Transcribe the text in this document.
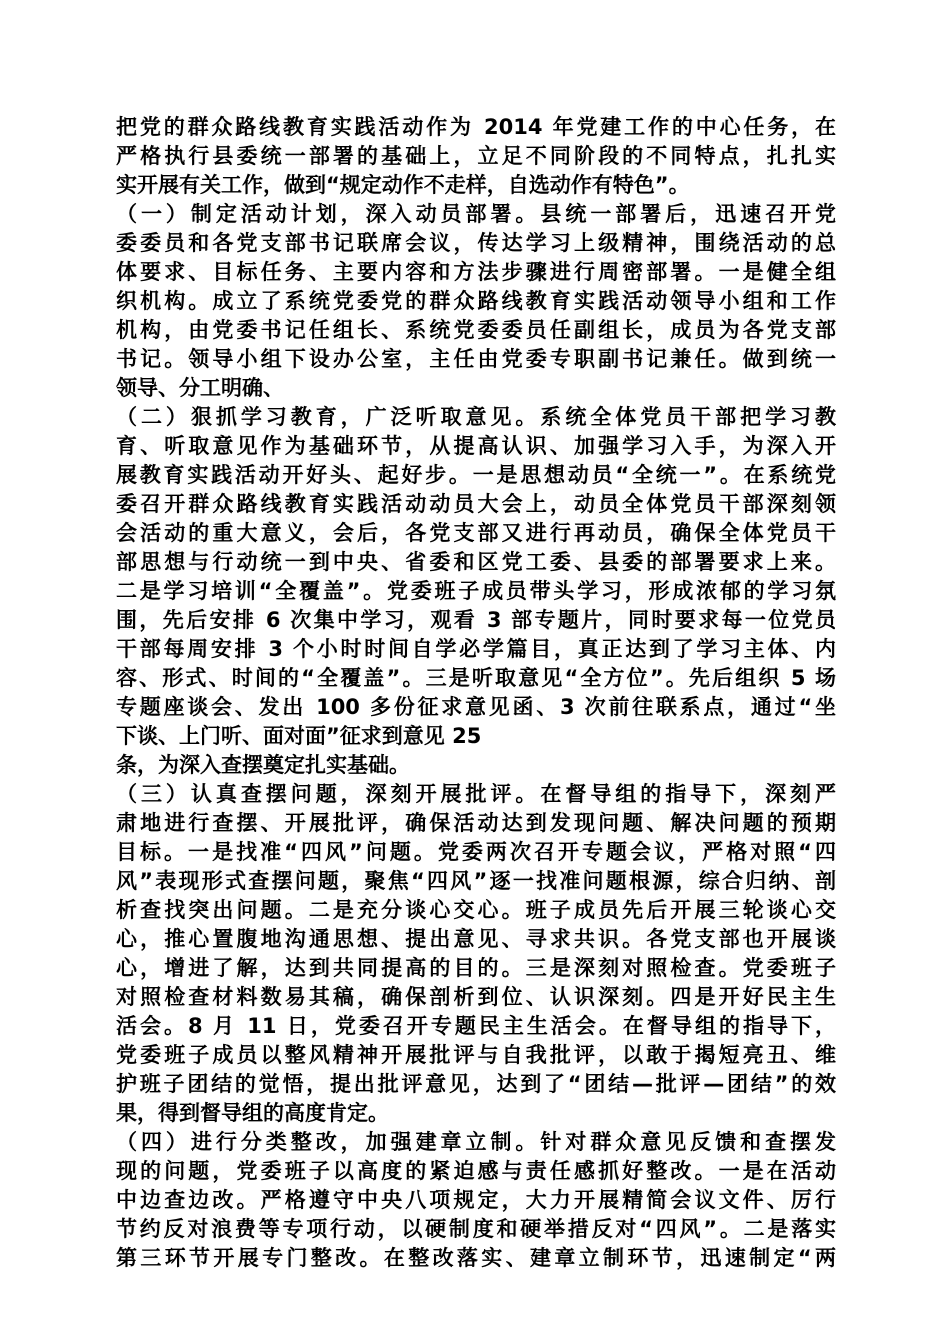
把党的群众路线教育实践活动作为 2014 年党建工作的中心任务，在
严格执行县委统一部署的基础上，立足不同阶段的不同特点，扎扎实
实开展有关工作，做到“规定动作不走样，自选动作有特色”。
（一）制定活动计划，深入动员部署。县统一部署后，迅速召开党
委委员和各党支部书记联席会议，传达学习上级精神，围绕活动的总
体要求、目标任务、主要内容和方法步骤进行周密部署。一是健全组
织机构。成立了系统党委党的群众路线教育实践活动领导小组和工作
机构，由党委书记任组长、系统党委委员任副组长，成员为各党支部
书记。领导小组下设办公室，主任由党委专职副书记兼任。做到统一
领导、分工明确、
（二）狠抓学习教育，广泛听取意见。系统全体党员干部把学习教
育、听取意见作为基础环节，从提高认识、加强学习入手，为深入开
展教育实践活动开好头、起好步。一是思想动员“全统一”。在系统党
委召开群众路线教育实践活动动员大会上，动员全体党员干部深刻领
会活动的重大意义，会后，各党支部又进行再动员，确保全体党员干
部思想与行动统一到中央、省委和区党工委、县委的部署要求上来。
二是学习培训“全覆盖”。党委班子成员带头学习，形成浓郁的学习氛
围，先后安排 6 次集中学习，观看 3 部专题片，同时要求每一位党员
干部每周安排 3 个小时时间自学必学篇目，真正达到了学习主体、内
容、形式、时间的“全覆盖”。三是听取意见“全方位”。先后组织 5 场
专题座谈会、发出 100 多份征求意见函、3 次前往联系点，通过“坐
下谈、上门听、面对面”征求到意见 25
条，为深入查摆奠定扎实基础。
（三）认真查摆问题，深刻开展批评。在督导组的指导下，深刻严
肃地进行查摆、开展批评，确保活动达到发现问题、解决问题的预期
目标。一是找准“四风”问题。党委两次召开专题会议，严格对照“四
风”表现形式查摆问题，聚焦“四风”逐一找准问题根源，综合归纳、剖
析查找突出问题。二是充分谈心交心。班子成员先后开展三轮谈心交
心，推心置腹地沟通思想、提出意见、寻求共识。各党支部也开展谈
心，增进了解，达到共同提高的目的。三是深刻对照检查。党委班子
对照检查材料数易其稿，确保剖析到位、认识深刻。四是开好民主生
活会。8 月 11 日，党委召开专题民主生活会。在督导组的指导下，
党委班子成员以整风精神开展批评与自我批评，以敢于揭短亮丑、维
护班子团结的觉悟，提出批评意见，达到了“团结—批评—团结”的效
果，得到督导组的高度肯定。
（四）进行分类整改，加强建章立制。针对群众意见反馈和查摆发
现的问题，党委班子以高度的紧迫感与责任感抓好整改。一是在活动
中边查边改。严格遵守中央八项规定，大力开展精简会议文件、厉行
节约反对浪费等专项行动，以硬制度和硬举措反对“四风”。二是落实
第三环节开展专门整改。在整改落实、建章立制环节，迅速制定“两
